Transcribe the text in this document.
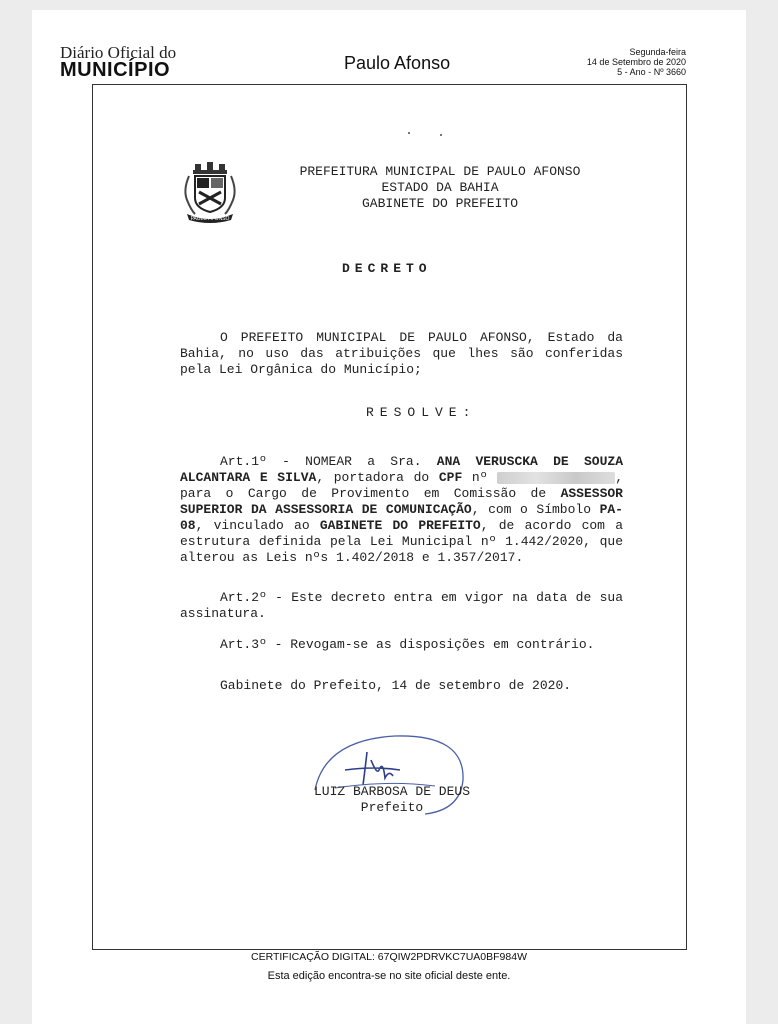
Diário Oficial do
MUNICÍPIO	Paulo Afonso
Segunda-feira
14 de Setembro de 2020
5 - Ano - Nº 3660
PAULO AFONSO
PREFEITURA MUNICIPAL DE PAULO AFONSO
ESTADO DA BAHIA
GABINETE DO PREFEITO
DECRETO
O PREFEITO MUNICIPAL DE PAULO AFONSO, Estado da Bahia, no uso das atribuições que lhes são conferidas pela Lei Orgânica do Município;
RESOLVE:
Art.1º - NOMEAR a Sra. ANA VERUSCKA DE SOUZA ALCANTARA E SILVA, portadora do CPF nº	, para o Cargo de Provimento em Comissão de ASSESSOR SUPERIOR DA ASSESSORIA DE COMUNICAÇÃO, com o Símbolo PA-08, vinculado ao GABINETE DO PREFEITO, de acordo com a estrutura definida pela Lei Municipal nº 1.442/2020, que alterou as Leis nºs 1.402/2018 e 1.357/2017.
Art.2º - Este decreto entra em vigor na data de sua assinatura.
Art.3º - Revogam-se as disposições em contrário.
Gabinete do Prefeito, 14 de setembro de 2020.
LUIZ BARBOSA DE DEUS
Prefeito
CERTIFICAÇÃO DIGITAL: 67QIW2PDRVKC7UA0BF984W
Esta edição encontra-se no site oficial deste ente.
